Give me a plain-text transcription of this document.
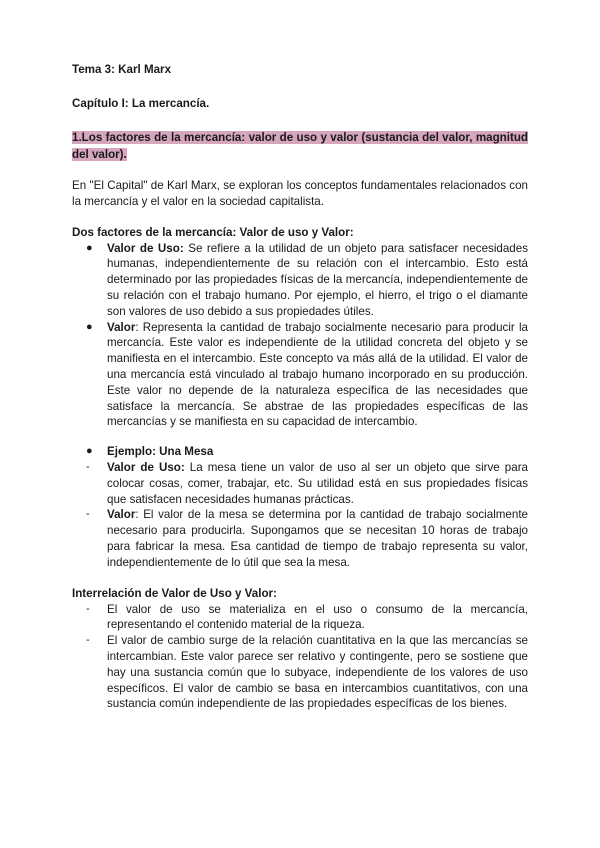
Tema 3: Karl Marx

Capítulo I: La mercancía.

1.Los factores de la mercancía: valor de uso y valor (sustancia del valor, magnitud del valor).

En "El Capital" de Karl Marx, se exploran los conceptos fundamentales relacionados con la mercancía y el valor en la sociedad capitalista.

Dos factores de la mercancía: Valor de uso y Valor:

● Valor de Uso: Se refiere a la utilidad de un objeto para satisfacer necesidades humanas, independientemente de su relación con el intercambio. Esto está determinado por las propiedades físicas de la mercancía, independientemente de su relación con el trabajo humano. Por ejemplo, el hierro, el trigo o el diamante son valores de uso debido a sus propiedades útiles.
● Valor: Representa la cantidad de trabajo socialmente necesario para producir la mercancía. Este valor es independiente de la utilidad concreta del objeto y se manifiesta en el intercambio. Este concepto va más allá de la utilidad. El valor de una mercancía está vinculado al trabajo humano incorporado en su producción. Este valor no depende de la naturaleza específica de las necesidades que satisface la mercancía. Se abstrae de las propiedades específicas de las mercancías y se manifiesta en su capacidad de intercambio.
● Ejemplo: Una Mesa
- Valor de Uso: La mesa tiene un valor de uso al ser un objeto que sirve para colocar cosas, comer, trabajar, etc. Su utilidad está en sus propiedades físicas que satisfacen necesidades humanas prácticas.
- Valor: El valor de la mesa se determina por la cantidad de trabajo socialmente necesario para producirla. Supongamos que se necesitan 10 horas de trabajo para fabricar la mesa. Esa cantidad de tiempo de trabajo representa su valor, independientemente de lo útil que sea la mesa.

Interrelación de Valor de Uso y Valor:

- El valor de uso se materializa en el uso o consumo de la mercancía, representando el contenido material de la riqueza.
- El valor de cambio surge de la relación cuantitativa en la que las mercancías se intercambian. Este valor parece ser relativo y contingente, pero se sostiene que hay una sustancia común que lo subyace, independiente de los valores de uso específicos. El valor de cambio se basa en intercambios cuantitativos, con una sustancia común independiente de las propiedades específicas de los bienes.
